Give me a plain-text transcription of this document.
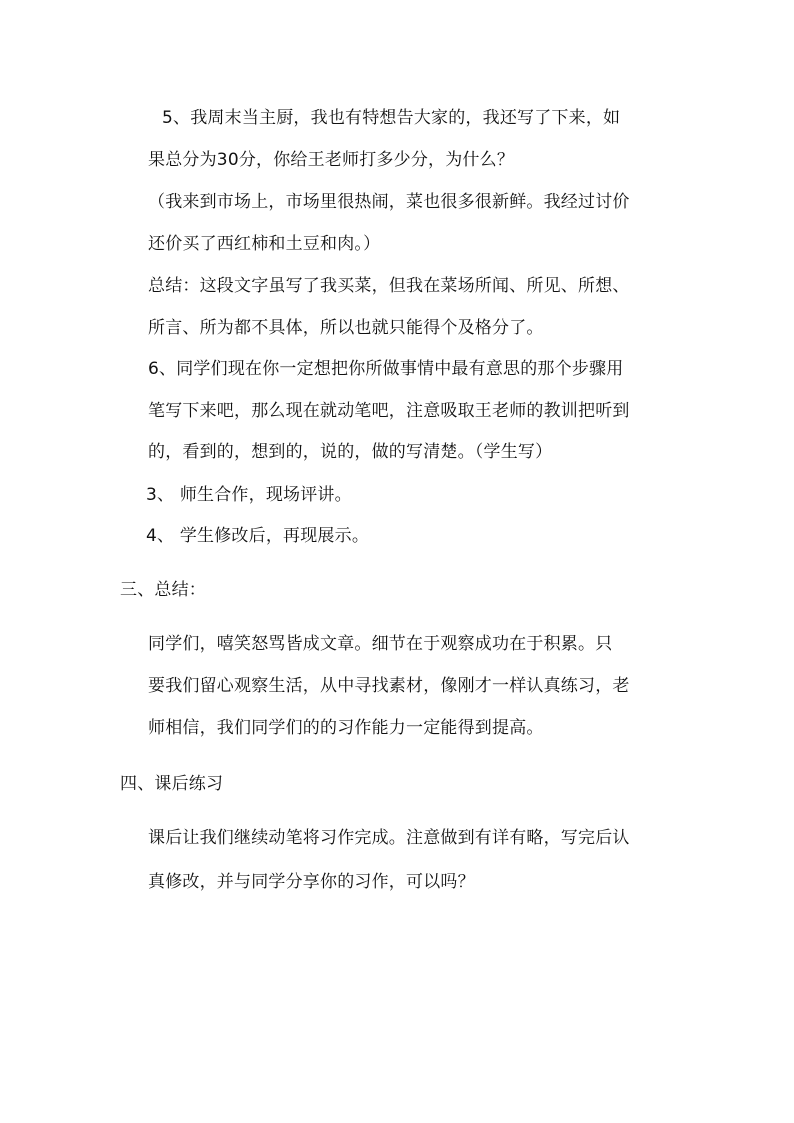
5、我周末当主厨，我也有特想告大家的，我还写了下来，如
果总分为30分，你给王老师打多少分，为什么？
（我来到市场上，市场里很热闹，菜也很多很新鲜。我经过讨价
还价买了西红柿和土豆和肉。）
总结：这段文字虽写了我买菜，但我在菜场所闻、所见、所想、
所言、所为都不具体，所以也就只能得个及格分了。
6、同学们现在你一定想把你所做事情中最有意思的那个步骤用
笔写下来吧，那么现在就动笔吧，注意吸取王老师的教训把听到
的，看到的，想到的，说的，做的写清楚。（学生写）
3、 师生合作，现场评讲。
4、 学生修改后，再现展示。
三、总结：
同学们，嘻笑怒骂皆成文章。细节在于观察成功在于积累。只
要我们留心观察生活，从中寻找素材，像刚才一样认真练习，老
师相信，我们同学们的的习作能力一定能得到提高。
四、课后练习
课后让我们继续动笔将习作完成。注意做到有详有略，写完后认
真修改，并与同学分享你的习作，可以吗？
